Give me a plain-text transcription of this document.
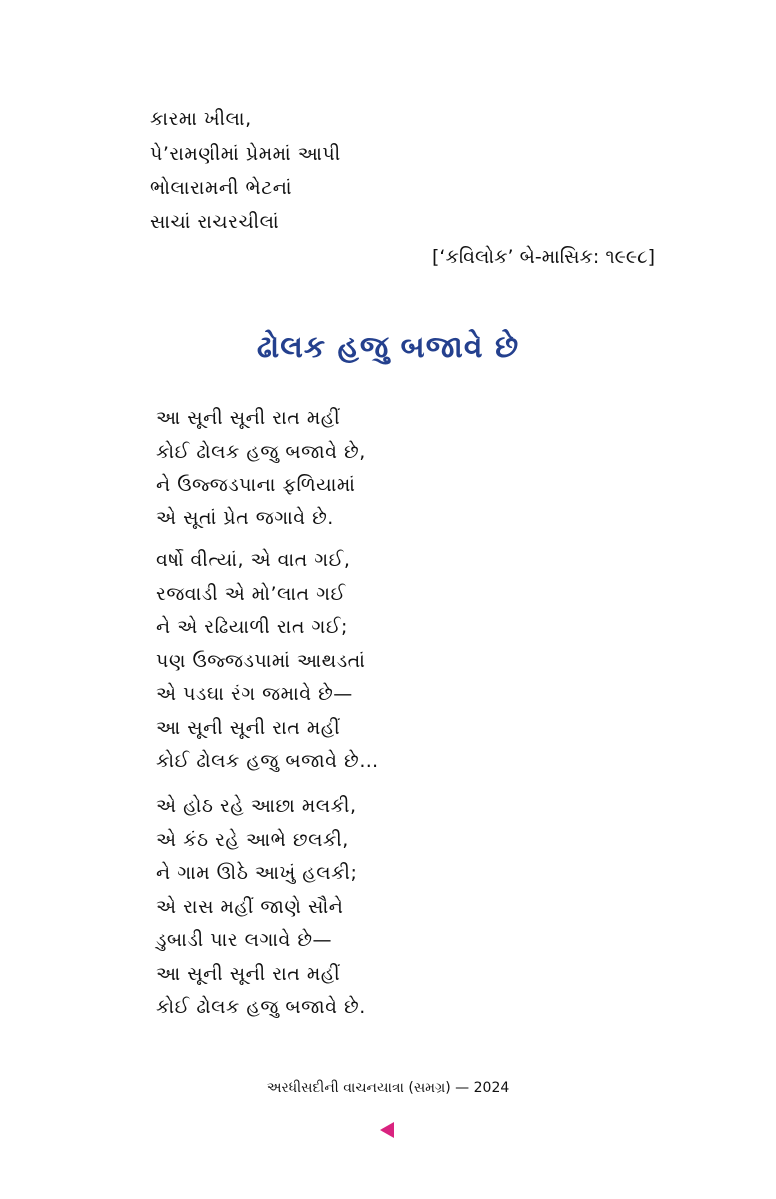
કારમા ખીલા,
પે’રામણીમાં પ્રેમમાં આપી
ભોલારામની ભેટનાં
સાચાં રાચરચીલાં
[‘કવિલોક’ બે-માસિક: ૧૯૯૮]
ઢોલક હજુ બજાવે છે
આ સૂની સૂની રાત મહીં
કોઈ ઢોલક હજુ બજાવે છે,
ને ઉજ્જડપાના ફળિયામાં
એ સૂતાં પ્રેત જગાવે છે.
વર્ષો વીત્યાં, એ વાત ગઈ,
રજવાડી એ મો’લાત ગઈ
ને એ રઢિયાળી રાત ગઈ;
પણ ઉજ્જડપામાં આથડતાં
એ પડઘા રંગ જમાવે છે—
આ સૂની સૂની રાત મહીં
કોઈ ઢોલક હજુ બજાવે છે…
એ હોઠ રહે આછા મલકી,
એ કંઠ રહે આભે છલકી,
ને ગામ ઊઠે આખું હલકી;
એ રાસ મહીં જાણે સૌને
ડુબાડી પાર લગાવે છે—
આ સૂની સૂની રાત મહીં
કોઈ ઢોલક હજુ બજાવે છે.
અરધીસદીની વાચનયાત્રા (સમગ્ર) — 2024
